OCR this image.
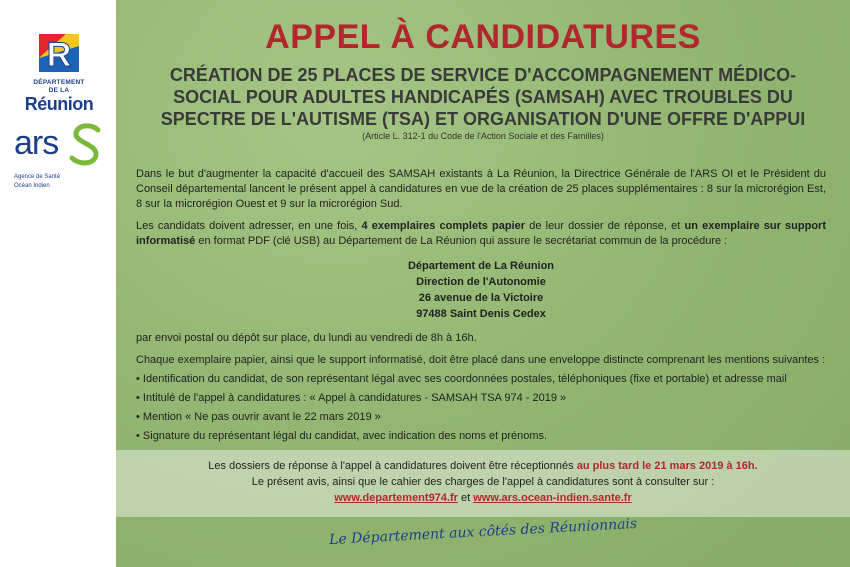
R
DÉPARTEMENT
DE LA
Réunion
ars
Agence de Santé
Océan Indien
APPEL À CANDIDATURES
CRÉATION DE 25 PLACES DE SERVICE D'ACCOMPAGNEMENT MÉDICO-SOCIAL POUR ADULTES HANDICAPÉS (SAMSAH) AVEC TROUBLES DU SPECTRE DE L'AUTISME (TSA) ET ORGANISATION D'UNE OFFRE D'APPUI
(Article L. 312-1 du Code de l'Action Sociale et des Familles)

Dans le but d'augmenter la capacité d'accueil des SAMSAH existants à La Réunion, la Directrice Générale de l'ARS OI et le Président du Conseil départemental lancent le présent appel à candidatures en vue de la création de 25 places supplémentaires : 8 sur la microrégion Est, 8 sur la microrégion Ouest et 9 sur la microrégion Sud.

Les candidats doivent adresser, en une fois, 4 exemplaires complets papier de leur dossier de réponse, et un exemplaire sur support informatisé en format PDF (clé USB) au Département de La Réunion qui assure le secrétariat commun de la procédure :

Département de La Réunion
Direction de l'Autonomie
26 avenue de la Victoire
97488 Saint Denis Cedex

par envoi postal ou dépôt sur place, du lundi au vendredi de 8h à 16h.

Chaque exemplaire papier, ainsi que le support informatisé, doit être placé dans une enveloppe distincte comprenant les mentions suivantes :

• Identification du candidat, de son représentant légal avec ses coordonnées postales, téléphoniques (fixe et portable) et adresse mail
• Intitulé de l'appel à candidatures : « Appel à candidatures - SAMSAH TSA 974 - 2019 »
• Mention « Ne pas ouvrir avant le 22 mars 2019 »
• Signature du représentant légal du candidat, avec indication des noms et prénoms.
Les dossiers de réponse à l'appel à candidatures doivent être réceptionnés au plus tard le 21 mars 2019 à 16h.
Le présent avis, ainsi que le cahier des charges de l'appel à candidatures sont à consulter sur :
www.departement974.fr et www.ars.ocean-indien.sante.fr
Le Département aux côtés des Réunionnais
